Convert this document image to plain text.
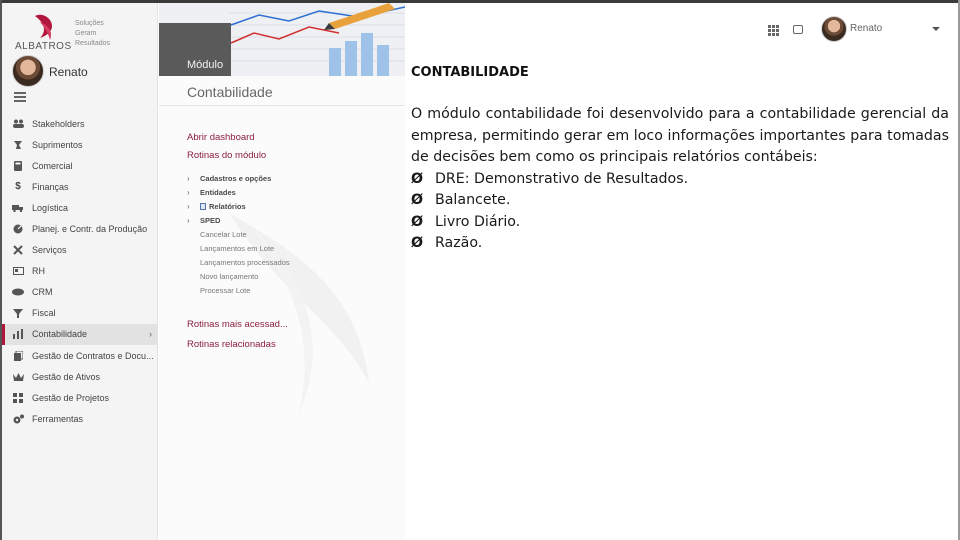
ALBATROS
Soluções
Geram
Resultados
Renato
Stakeholders
Suprimentos
Comercial
$	Finanças
Logística
Planej. e Contr. da Produção
Serviços
RH
CRM
Fiscal
Contabilidade	›
Gestão de Contratos e Docu...
Gestão de Ativos
Gestão de Projetos
Ferramentas
Módulo
Contabilidade
Abrir dashboard
Rotinas do módulo
›	Cadastros e opções
›	Entidades
›	Relatórios
›	SPED
Cancelar Lote
Lançamentos em Lote
Lançamentos processados
Novo lançamento
Processar Lote
Rotinas mais acessad...
Rotinas relacionadas
Renato
CONTABILIDADE

O módulo contabilidade foi desenvolvido para a contabilidade gerencial da empresa, permitindo gerar em loco informações importantes para tomadas de decisões bem como os principais relatórios contábeis:

Ø DRE: Demonstrativo de Resultados.
Ø Balancete.
Ø Livro Diário.
Ø Razão.
